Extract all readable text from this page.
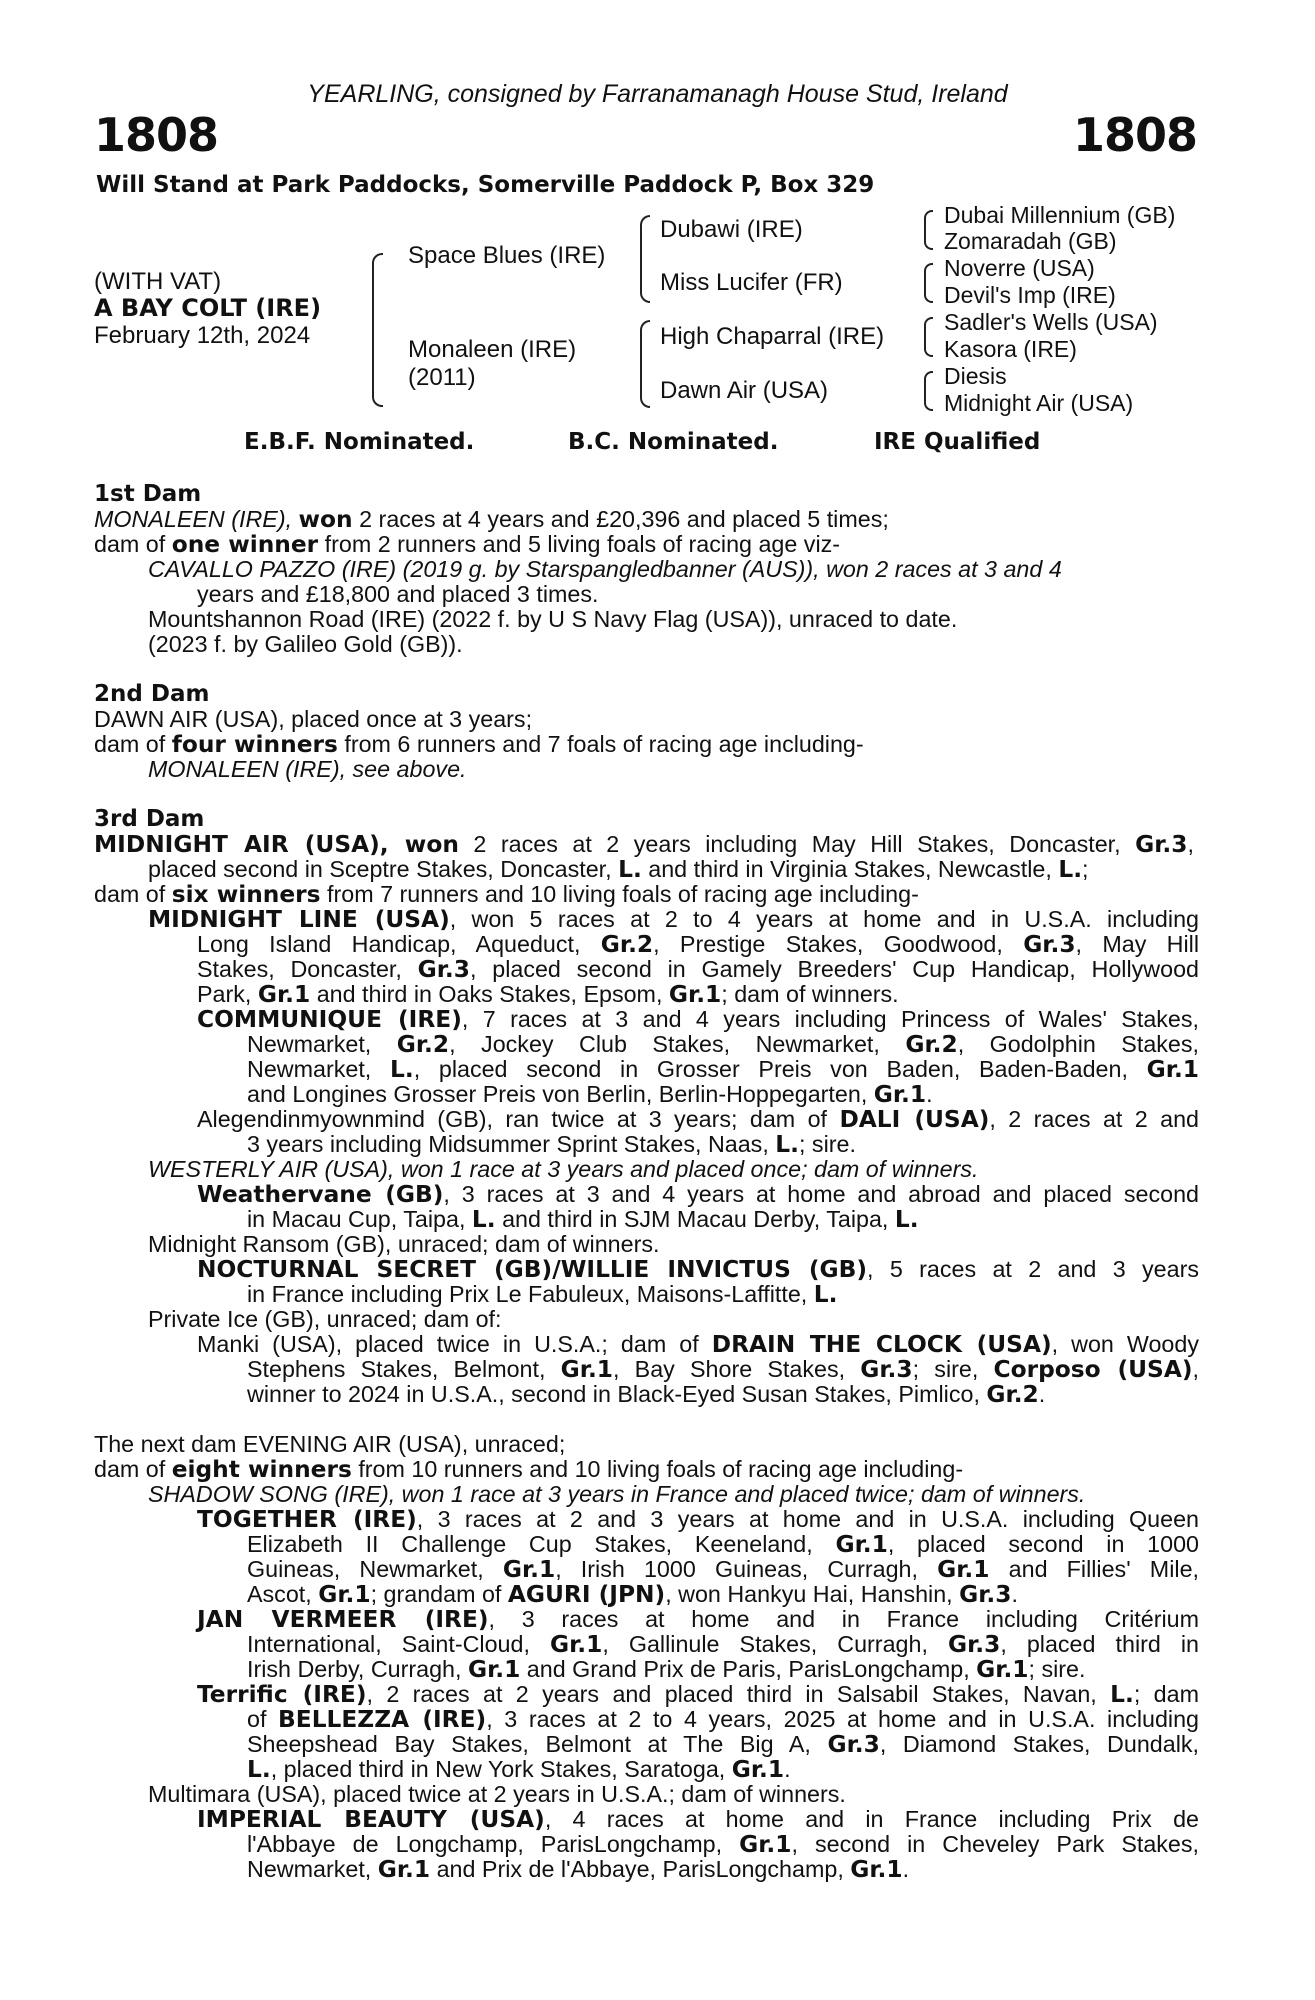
YEARLING, consigned by Farranamanagh House Stud, Ireland
1808	1808
Will Stand at Park Paddocks, Somerville Paddock P, Box 329
(WITH VAT)
A BAY COLT (IRE)
February 12th, 2024
Space Blues (IRE)
Monaleen (IRE)
(2011)
Dubawi (IRE)
Miss Lucifer (FR)
High Chaparral (IRE)
Dawn Air (USA)
Dubai Millennium (GB)
Zomaradah (GB)
Noverre (USA)
Devil's Imp (IRE)
Sadler's Wells (USA)
Kasora (IRE)
Diesis
Midnight Air (USA)
E.B.F. Nominated.	B.C. Nominated.	IRE Qualified
1st Dam
MONALEEN (IRE), won 2 races at 4 years and £20,396 and placed 5 times;
dam of one winner from 2 runners and 5 living foals of racing age viz-
CAVALLO PAZZO (IRE) (2019 g. by Starspangledbanner (AUS)), won 2 races at 3 and 4
years and £18,800 and placed 3 times.
Mountshannon Road (IRE) (2022 f. by U S Navy Flag (USA)), unraced to date.
(2023 f. by Galileo Gold (GB)).
2nd Dam
DAWN AIR (USA), placed once at 3 years;
dam of four winners from 6 runners and 7 foals of racing age including-
MONALEEN (IRE), see above.
3rd Dam
MIDNIGHT AIR (USA), won 2 races at 2 years including May Hill Stakes, Doncaster, Gr.3,
placed second in Sceptre Stakes, Doncaster, L. and third in Virginia Stakes, Newcastle, L.;
dam of six winners from 7 runners and 10 living foals of racing age including-
MIDNIGHT LINE (USA), won 5 races at 2 to 4 years at home and in U.S.A. including
Long Island Handicap, Aqueduct, Gr.2, Prestige Stakes, Goodwood, Gr.3, May Hill
Stakes, Doncaster, Gr.3, placed second in Gamely Breeders' Cup Handicap, Hollywood
Park, Gr.1 and third in Oaks Stakes, Epsom, Gr.1; dam of winners.
COMMUNIQUE (IRE), 7 races at 3 and 4 years including Princess of Wales' Stakes,
Newmarket, Gr.2, Jockey Club Stakes, Newmarket, Gr.2, Godolphin Stakes,
Newmarket, L., placed second in Grosser Preis von Baden, Baden-Baden, Gr.1
and Longines Grosser Preis von Berlin, Berlin-Hoppegarten, Gr.1.
Alegendinmyownmind (GB), ran twice at 3 years; dam of DALI (USA), 2 races at 2 and
3 years including Midsummer Sprint Stakes, Naas, L.; sire.
WESTERLY AIR (USA), won 1 race at 3 years and placed once; dam of winners.
Weathervane (GB), 3 races at 3 and 4 years at home and abroad and placed second
in Macau Cup, Taipa, L. and third in SJM Macau Derby, Taipa, L.
Midnight Ransom (GB), unraced; dam of winners.
NOCTURNAL SECRET (GB)/WILLIE INVICTUS (GB), 5 races at 2 and 3 years
in France including Prix Le Fabuleux, Maisons-Laffitte, L.
Private Ice (GB), unraced; dam of:
Manki (USA), placed twice in U.S.A.; dam of DRAIN THE CLOCK (USA), won Woody
Stephens Stakes, Belmont, Gr.1, Bay Shore Stakes, Gr.3; sire, Corposo (USA),
winner to 2024 in U.S.A., second in Black-Eyed Susan Stakes, Pimlico, Gr.2.
The next dam EVENING AIR (USA), unraced;
dam of eight winners from 10 runners and 10 living foals of racing age including-
SHADOW SONG (IRE), won 1 race at 3 years in France and placed twice; dam of winners.
TOGETHER (IRE), 3 races at 2 and 3 years at home and in U.S.A. including Queen
Elizabeth II Challenge Cup Stakes, Keeneland, Gr.1, placed second in 1000
Guineas, Newmarket, Gr.1, Irish 1000 Guineas, Curragh, Gr.1 and Fillies' Mile,
Ascot, Gr.1; grandam of AGURI (JPN), won Hankyu Hai, Hanshin, Gr.3.
JAN VERMEER (IRE), 3 races at home and in France including Critérium
International, Saint-Cloud, Gr.1, Gallinule Stakes, Curragh, Gr.3, placed third in
Irish Derby, Curragh, Gr.1 and Grand Prix de Paris, ParisLongchamp, Gr.1; sire.
Terrific (IRE), 2 races at 2 years and placed third in Salsabil Stakes, Navan, L.; dam
of BELLEZZA (IRE), 3 races at 2 to 4 years, 2025 at home and in U.S.A. including
Sheepshead Bay Stakes, Belmont at The Big A, Gr.3, Diamond Stakes, Dundalk,
L., placed third in New York Stakes, Saratoga, Gr.1.
Multimara (USA), placed twice at 2 years in U.S.A.; dam of winners.
IMPERIAL BEAUTY (USA), 4 races at home and in France including Prix de
l'Abbaye de Longchamp, ParisLongchamp, Gr.1, second in Cheveley Park Stakes,
Newmarket, Gr.1 and Prix de l'Abbaye, ParisLongchamp, Gr.1.
